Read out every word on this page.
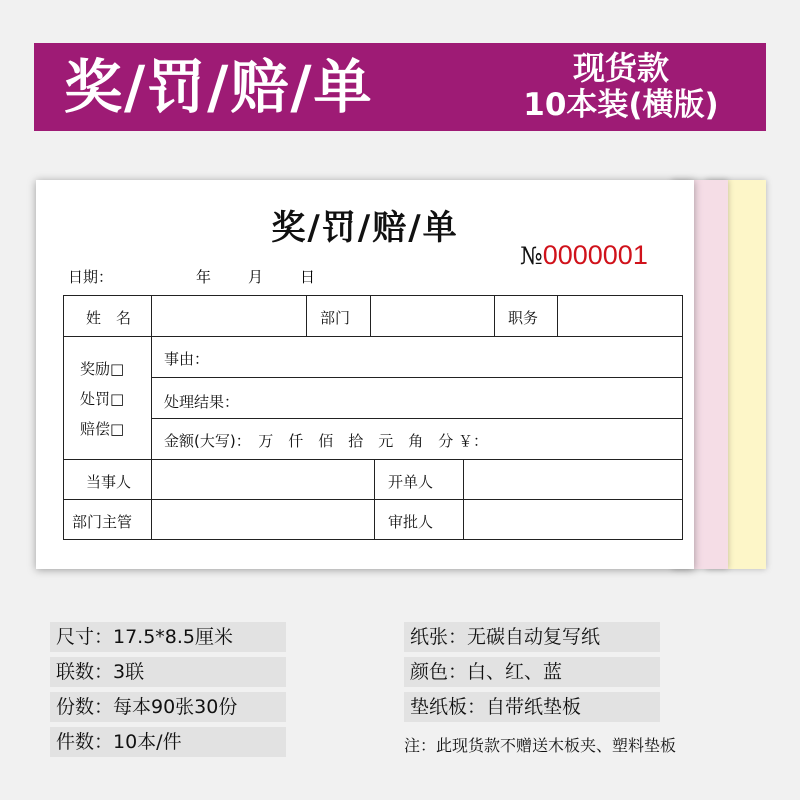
奖/罚/赔/单	现货款
10本装(横版)
奖/罚/赔/单
№0000001
日期：	年 月 日
姓　名	部门	职务
奖励□
处罚□
赔偿□
事由：
处理结果：
金额(大写)：　万　仟　佰　拾　元　角　分 ￥：
当事人	开单人
部门主管	审批人
尺寸：17.5*8.5厘米
联数：3联
份数：每本90张30份
件数：10本/件
纸张：无碳自动复写纸
颜色：白、红、蓝
垫纸板：自带纸垫板
注：此现货款不赠送木板夹、塑料垫板
